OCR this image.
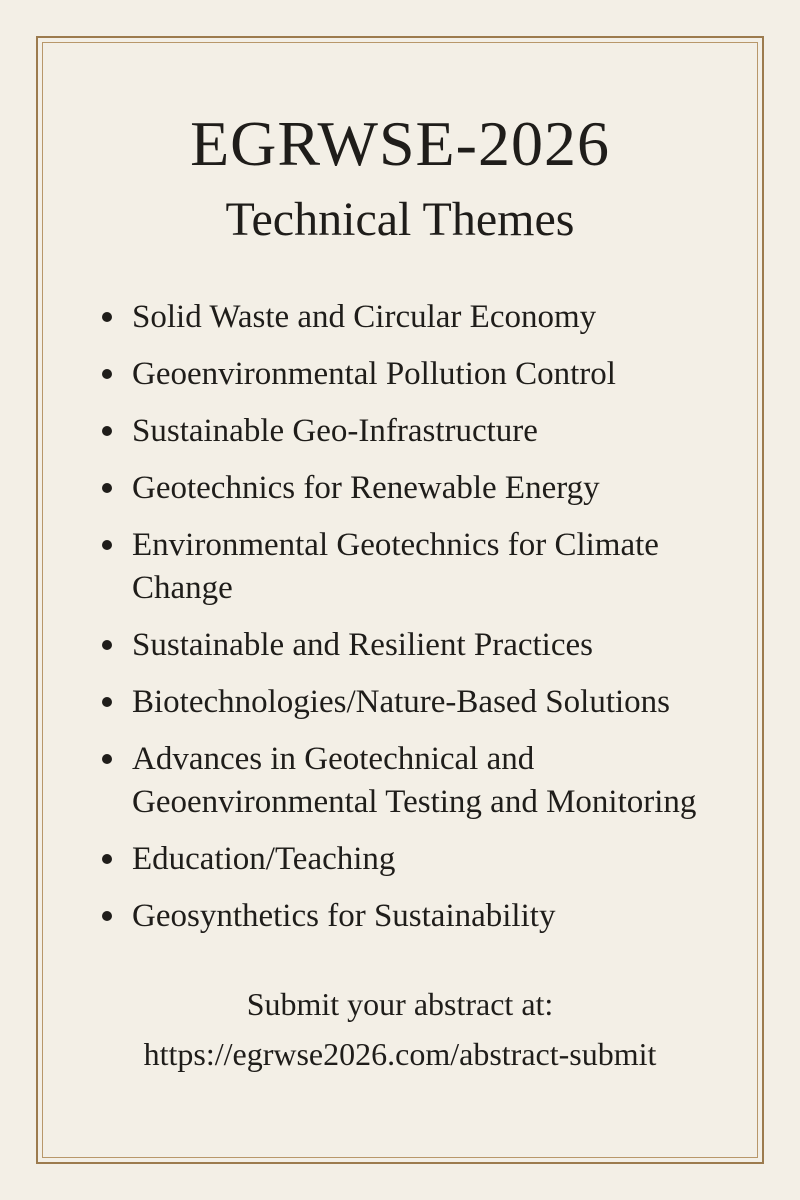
EGRWSE-2026
Technical Themes
Solid Waste and Circular Economy
Geoenvironmental Pollution Control
Sustainable Geo-Infrastructure
Geotechnics for Renewable Energy
Environmental Geotechnics for Climate Change
Sustainable and Resilient Practices
Biotechnologies/Nature-Based Solutions
Advances in Geotechnical and Geoenvironmental Testing and Monitoring
Education/Teaching
Geosynthetics for Sustainability

Submit your abstract at:

https://egrwse2026.com/abstract-submit
